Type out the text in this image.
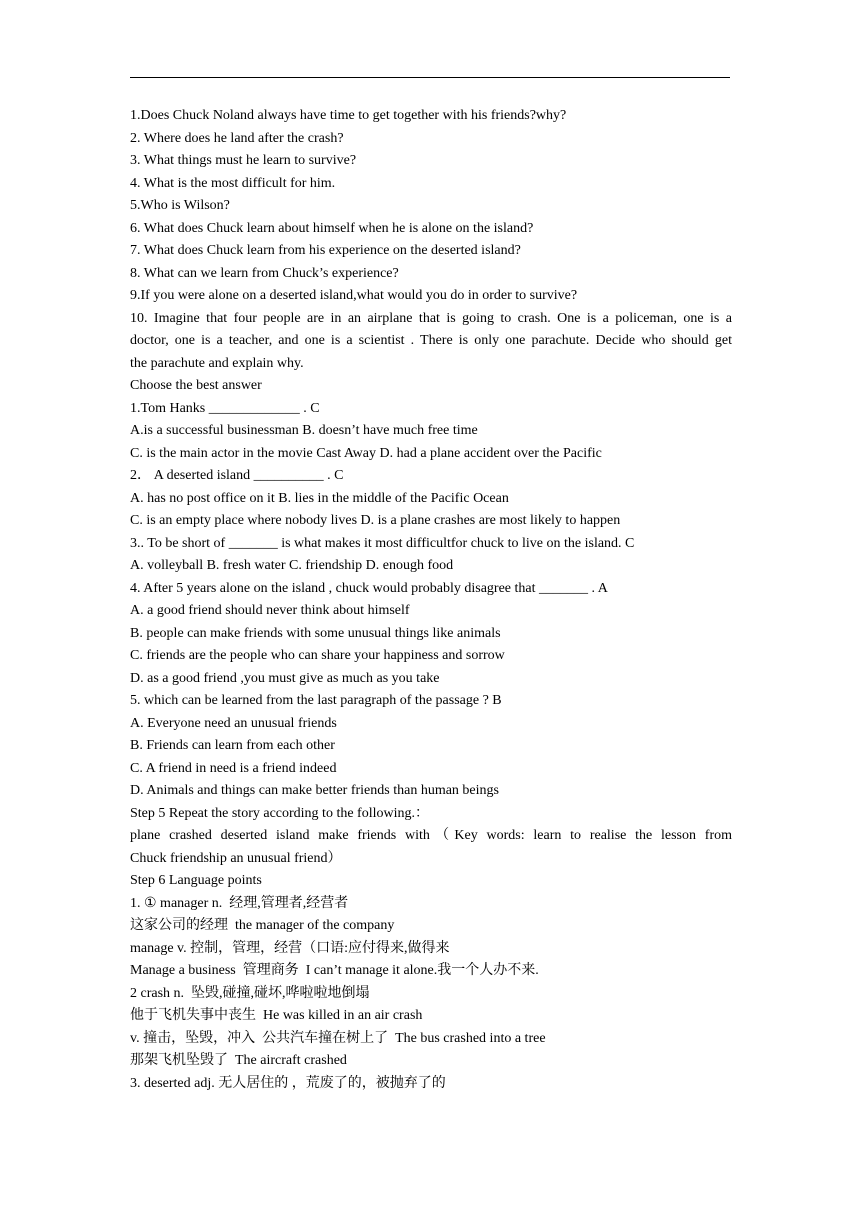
1.Does Chuck Noland always have time to get together with his friends?why?
2. Where does he land after the crash?
3. What things must he learn to survive?
4. What is the most difficult for him.
5.Who is Wilson?
6. What does Chuck learn about himself when he is alone on the island?
7. What does Chuck learn from his experience on the deserted island?
8. What can we learn from Chuck’s experience?
9.If you were alone on a deserted island,what would you do in order to survive?
10. Imagine that four people are in an airplane that is going to crash. One is a policeman, one is a
doctor, one is a teacher, and one is a scientist . There is only one parachute. Decide who should get
the parachute and explain why.
Choose the best answer
1.Tom Hanks _____________ . C
A.is a successful businessman B. doesn’t have much free time
C. is the main actor in the movie Cast Away D. had a plane accident over the Pacific
2． A deserted island __________ . C
A. has no post office on it B. lies in the middle of the Pacific Ocean
C. is an empty place where nobody lives D. is a plane crashes are most likely to happen
3.. To be short of _______ is what makes it most difficultfor chuck to live on the island. C
A. volleyball B. fresh water C. friendship D. enough food
4. After 5 years alone on the island , chuck would probably disagree that _______ . A
A. a good friend should never think about himself
B. people can make friends with some unusual things like animals
C. friends are the people who can share your happiness and sorrow
D. as a good friend ,you must give as much as you take
5. which can be learned from the last paragraph of the passage ? B
A. Everyone need an unusual friends
B. Friends can learn from each other
C. A friend in need is a friend indeed
D. Animals and things can make better friends than human beings
Step 5 Repeat the story according to the following.：
plane crashed deserted island make friends with（Key words: learn to realise the lesson from
Chuck friendship an unusual friend）
Step 6 Language points
1. ① manager n.  经理,管理者,经营者
这家公司的经理  the manager of the company
manage v. 控制，管理，经营（口语:应付得来,做得来
Manage a business  管理商务  I can’t manage it alone.我一个人办不来.
2 crash n.  坠毁,碰撞,碰坏,哗啦啦地倒塌
他于飞机失事中丧生  He was killed in an air crash
v. 撞击，坠毁，冲入  公共汽车撞在树上了  The bus crashed into a tree
那架飞机坠毁了  The aircraft crashed
3. deserted adj. 无人居住的 ，荒废了的，被抛弃了的
